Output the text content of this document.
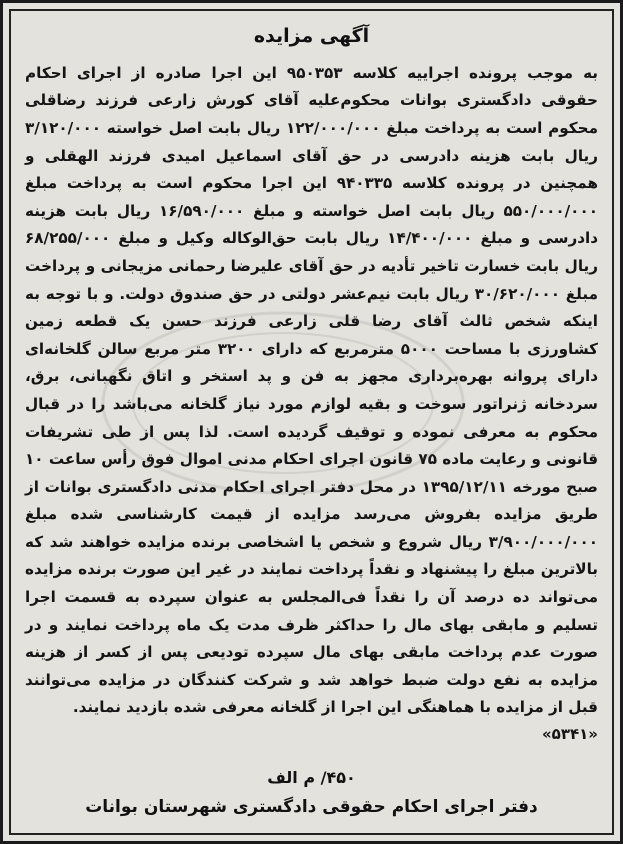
آگهی مزایده

به موجب پرونده اجراییه کلاسه ۹۵۰۳۵۳ این اجرا صادره از اجرای احکام حقوقی دادگستری بوانات محکوم‌علیه آقای کورش زارعی فرزند رضاقلی محکوم است به پرداخت مبلغ ۱۲۲/۰۰۰/۰۰۰ ریال بابت اصل خواسته ۳/۱۲۰/۰۰۰ ریال بابت هزینه دادرسی در حق آقای اسماعیل امیدی فرزند الهقلی و همچنین در پرونده کلاسه ۹۴۰۳۳۵ این اجرا محکوم است به پرداخت مبلغ ۵۵۰/۰۰۰/۰۰۰ ریال بابت اصل خواسته و مبلغ ۱۶/۵۹۰/۰۰۰ ریال بابت هزینه دادرسی و مبلغ ۱۴/۴۰۰/۰۰۰ ریال بابت حق‌الوکاله وکیل و مبلغ ۶۸/۲۵۵/۰۰۰ ریال بابت خسارت تاخیر تأدیه در حق آقای علیرضا رحمانی مزیجانی و پرداخت مبلغ ۳۰/۶۲۰/۰۰۰ ریال بابت نیم‌عشر دولتی در حق صندوق دولت. و با توجه به اینکه شخص ثالث آقای رضا قلی زارعی فرزند حسن یک قطعه زمین کشاورزی با مساحت ۵۰۰۰ مترمربع که دارای ۳۲۰۰ متر مربع سالن گلخانه‌ای دارای پروانه بهره‌برداری مجهز به فن و پد استخر و اتاق نگهبانی، برق، سردخانه ژنراتور سوخت و بقیه لوازم مورد نیاز گلخانه می‌باشد را در قبال محکوم به معرفی نموده و توقیف گردیده است. لذا پس از طی تشریفات قانونی و رعایت ماده ۷۵ قانون اجرای احکام مدنی اموال فوق رأس ساعت ۱۰ صبح مورخه ۱۳۹۵/۱۲/۱۱ در محل دفتر اجرای احکام مدنی دادگستری بوانات از طریق مزایده بفروش می‌رسد مزایده از قیمت کارشناسی شده مبلغ ۳/۹۰۰/۰۰۰/۰۰۰ ریال شروع و شخص یا اشخاصی برنده مزایده خواهند شد که بالاترین مبلغ را پیشنهاد و نقداً پرداخت نمایند در غیر این صورت برنده مزایده می‌تواند ده درصد آن را نقداً فی‌المجلس به عنوان سپرده به قسمت اجرا تسلیم و مابقی بهای مال را حداکثر ظرف مدت یک ماه پرداخت نمایند و در صورت عدم پرداخت مابقی بهای مال سپرده تودیعی پس از کسر از هزینه مزایده به نفع دولت ضبط خواهد شد و شرکت کنندگان در مزایده می‌توانند قبل از مزایده با هماهنگی این اجرا از گلخانه معرفی شده بازدید نمایند.

«۵۳۴۱»

۴۵۰/ م الف

دفتر اجرای احکام حقوقی دادگستری شهرستان بوانات
